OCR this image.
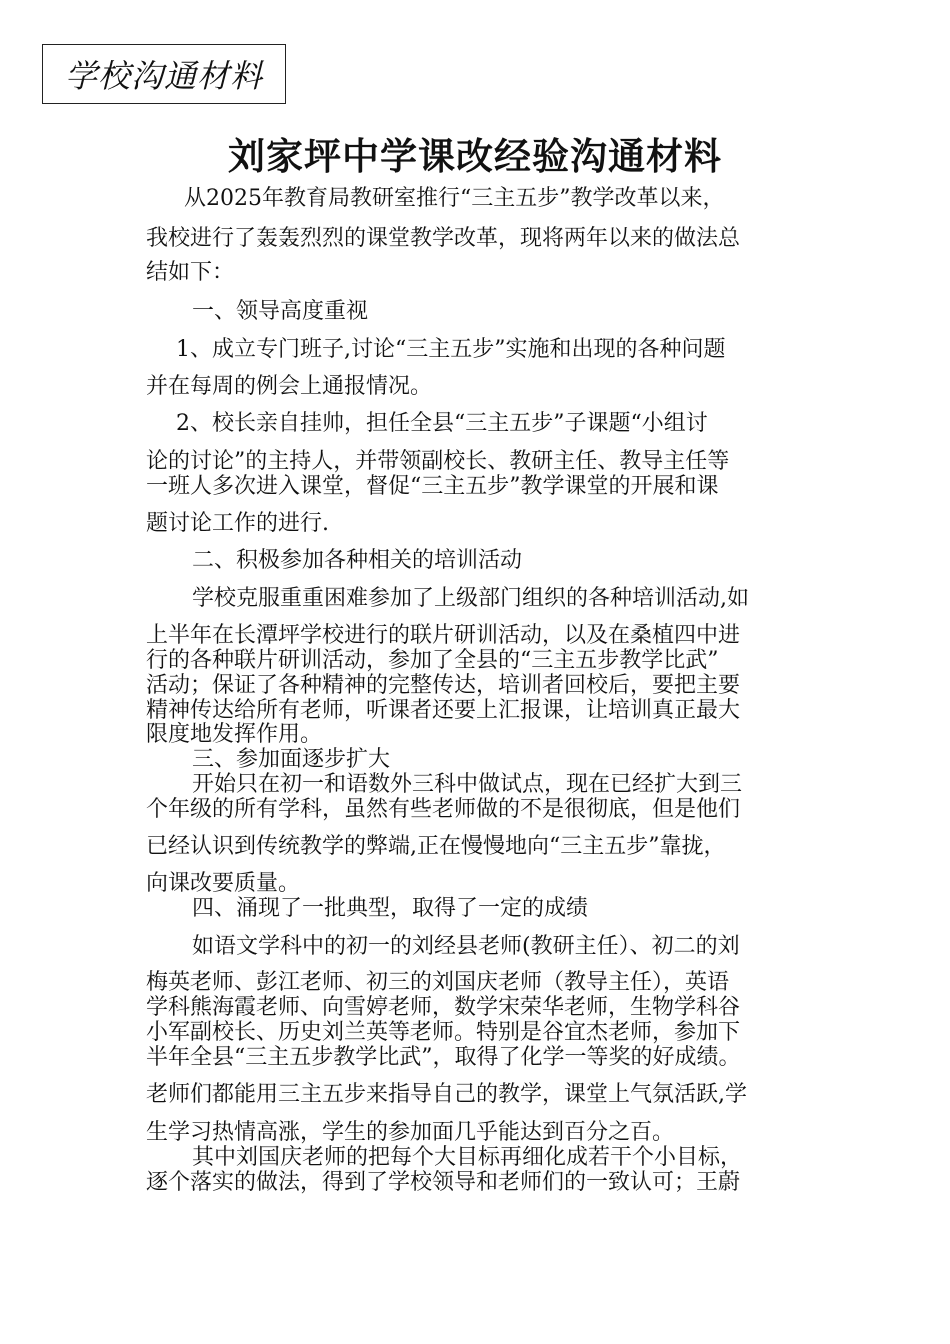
学校沟通材料
刘家坪中学课改经验沟通材料
从2025年教育局教研室推行“三主五步”教学改革以来，
我校进行了轰轰烈烈的课堂教学改革，现将两年以来的做法总
结如下：
一、领导高度重视
1、成立专门班子,讨论“三主五步”实施和出现的各种问题
并在每周的例会上通报情况。
2、校长亲自挂帅，担任全县“三主五步”子课题“小组讨
论的讨论”的主持人，并带领副校长、教研主任、教导主任等
一班人多次进入课堂，督促“三主五步”教学课堂的开展和课
题讨论工作的进行.
二、积极参加各种相关的培训活动
学校克服重重困难参加了上级部门组织的各种培训活动,如
上半年在长潭坪学校进行的联片研训活动，以及在桑植四中进
行的各种联片研训活动，参加了全县的“三主五步教学比武”
活动；保证了各种精神的完整传达，培训者回校后，要把主要
精神传达给所有老师，听课者还要上汇报课，让培训真正最大
限度地发挥作用。
三、参加面逐步扩大
开始只在初一和语数外三科中做试点，现在已经扩大到三
个年级的所有学科，虽然有些老师做的不是很彻底，但是他们
已经认识到传统教学的弊端,正在慢慢地向“三主五步”靠拢，
向课改要质量。
四、涌现了一批典型，取得了一定的成绩
如语文学科中的初一的刘经县老师(教研主任）、初二的刘
梅英老师、彭江老师、初三的刘国庆老师（教导主任），英语
学科熊海霞老师、向雪婷老师，数学宋荣华老师，生物学科谷
小军副校长、历史刘兰英等老师。特别是谷宜杰老师，参加下
半年全县“三主五步教学比武”，取得了化学一等奖的好成绩。
老师们都能用三主五步来指导自己的教学，课堂上气氛活跃,学
生学习热情高涨，学生的参加面几乎能达到百分之百。
其中刘国庆老师的把每个大目标再细化成若干个小目标，
逐个落实的做法，得到了学校领导和老师们的一致认可；王蔚
